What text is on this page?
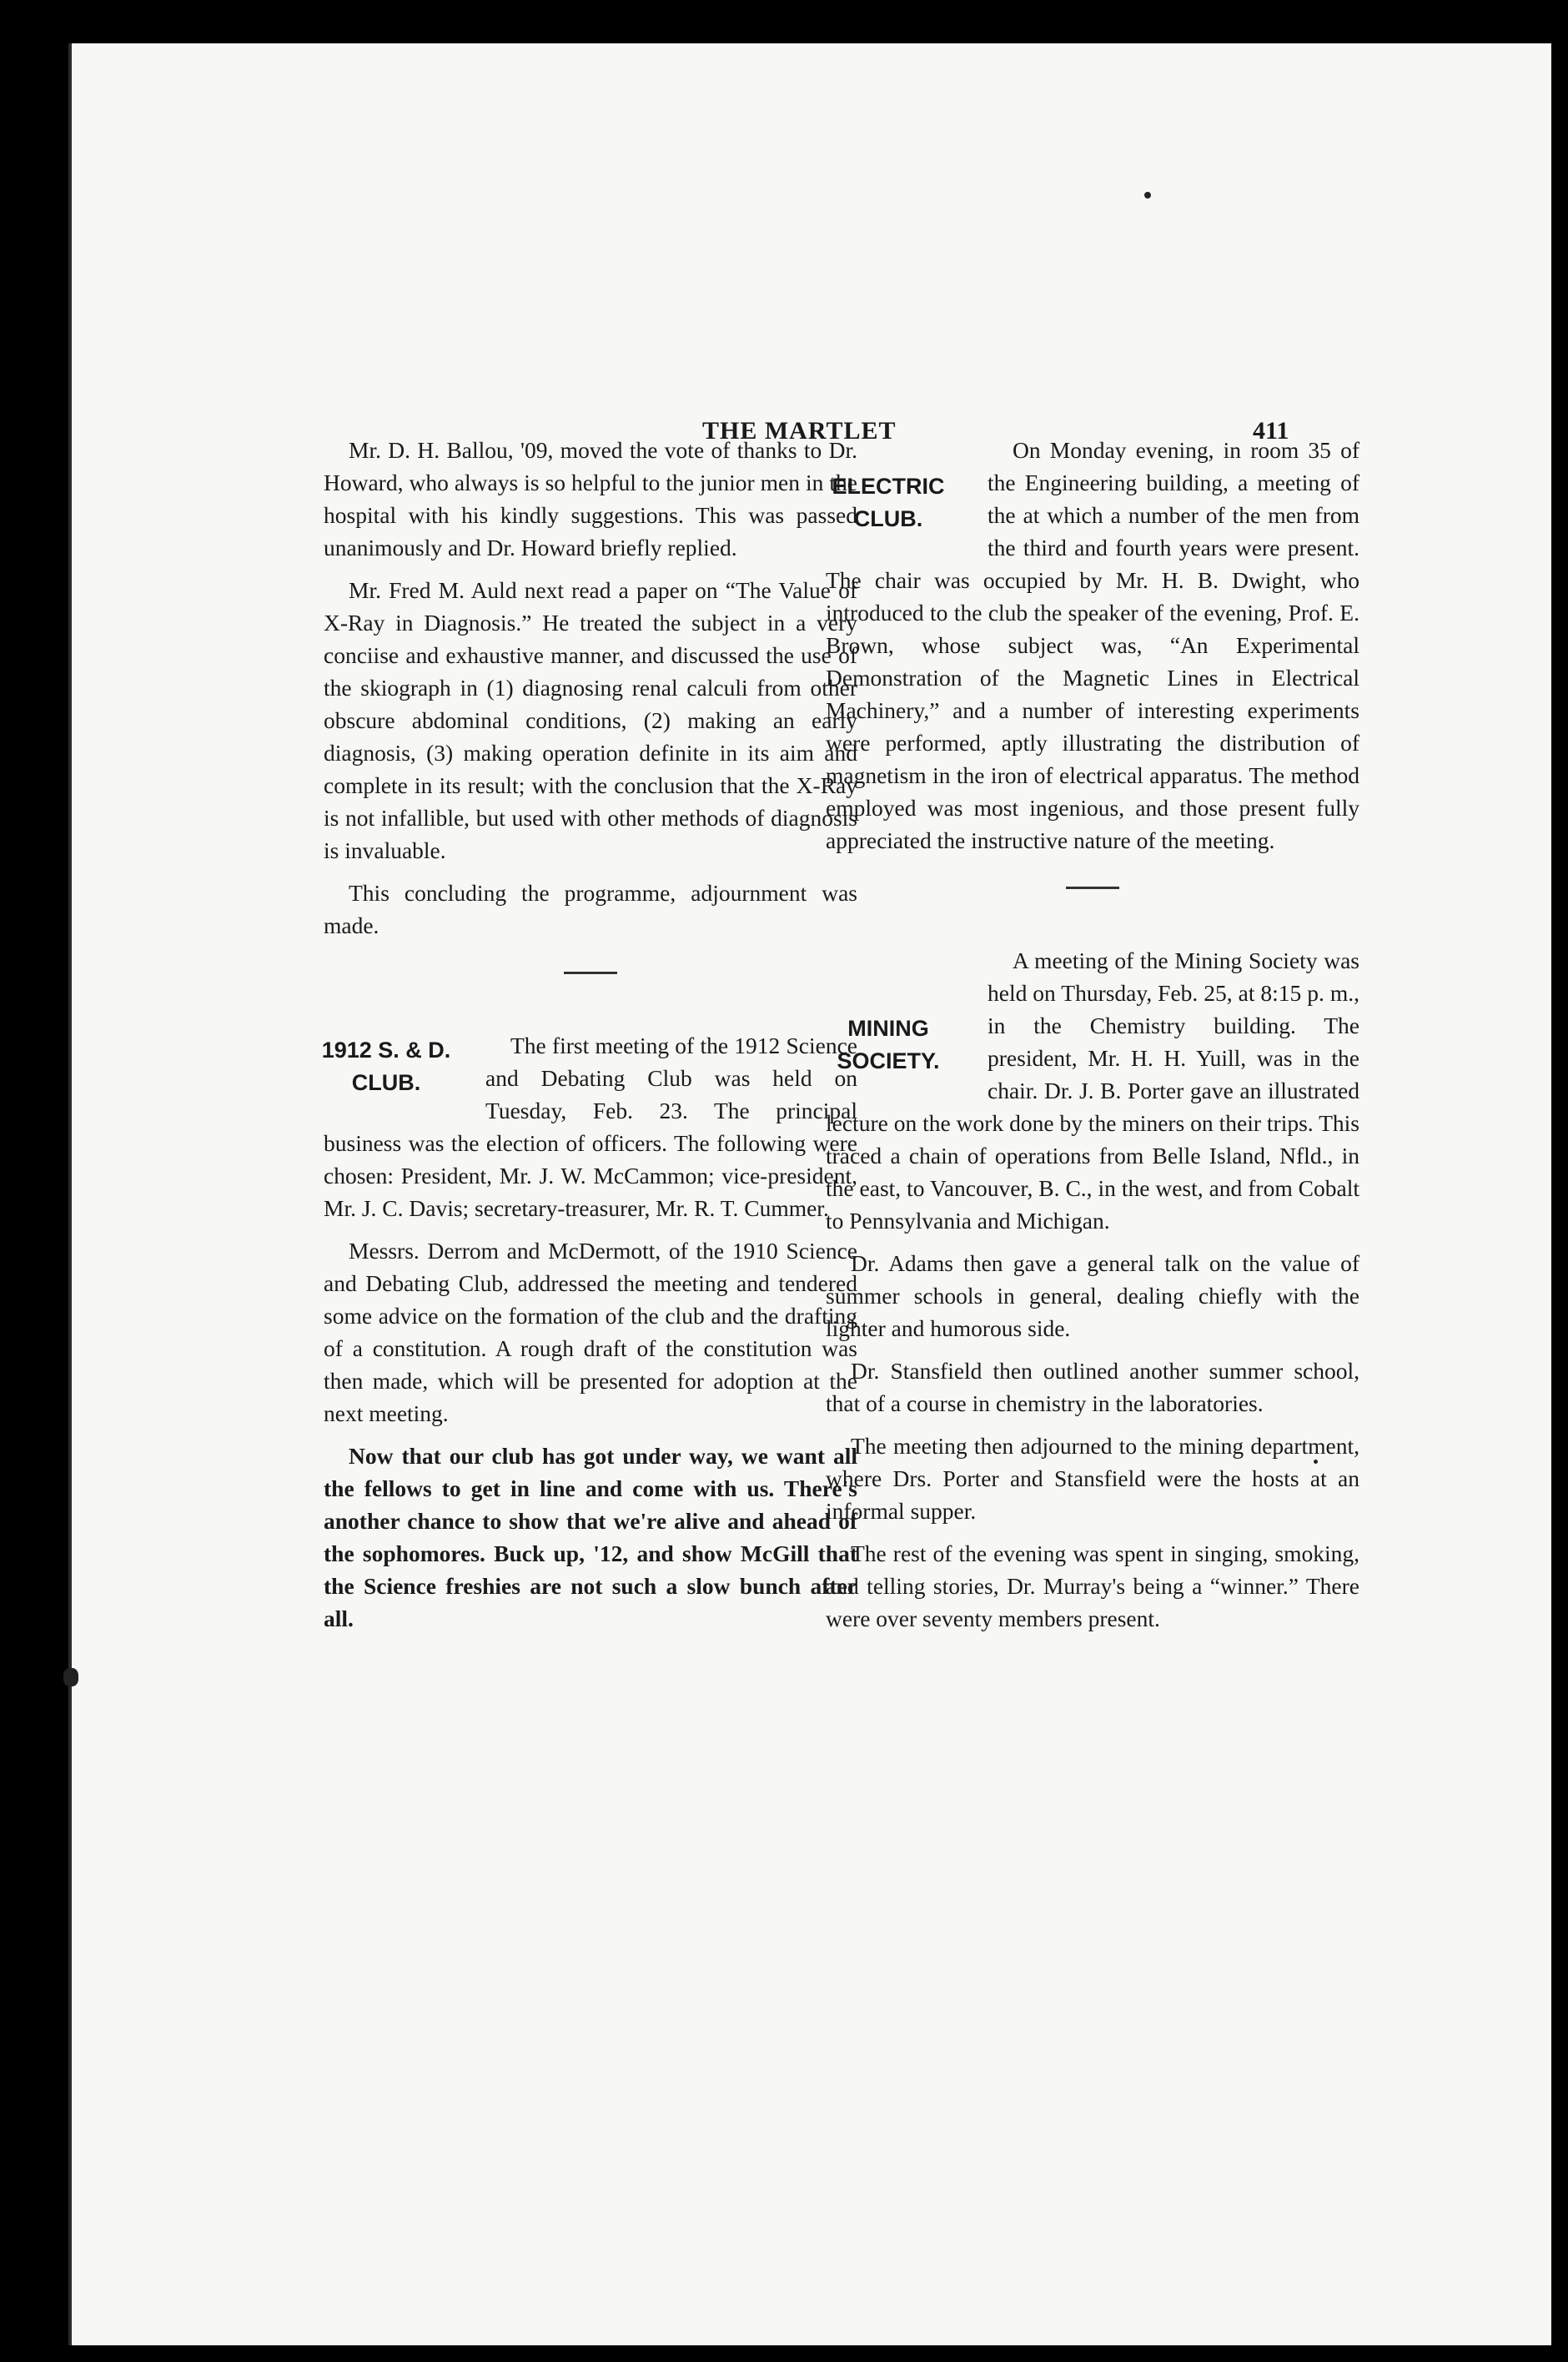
THE MARTLET	411

Mr. D. H. Ballou, '09, moved the vote of thanks to Dr. Howard, who always is so helpful to the junior men in the hospital with his kindly suggestions. This was passed unanimously and Dr. Howard briefly replied.

Mr. Fred M. Auld next read a paper on “The Value of X-Ray in Diagnosis.” He treated the subject in a very conciise and exhaustive manner, and discussed the use of the skiograph in (1) diagnosing renal calculi from other obscure abdominal conditions, (2) making an early diagnosis, (3) making operation definite in its aim and complete in its result; with the conclusion that the X-Ray is not infallible, but used with other methods of diagnosis is invaluable.

This concluding the programme, adjournment was made.

1912 S. & D.
CLUB.
The first meeting of the 1912 Science and Debating Club was held on Tuesday, Feb. 23. The principal business was the election of officers. The following were chosen: President, Mr. J. W. McCammon; vice-president, Mr. J. C. Davis; secretary-treasurer, Mr. R. T. Cummer.

Messrs. Derrom and McDermott, of the 1910 Science and Debating Club, addressed the meeting and tendered some advice on the formation of the club and the drafting of a constitution. A rough draft of the constitution was then made, which will be presented for adoption at the next meeting.

Now that our club has got under way, we want all the fellows to get in line and come with us. There's another chance to show that we're alive and ahead of the sophomores. Buck up, '12, and show McGill that the Science freshies are not such a slow bunch after all.

ELECTRIC
CLUB.
On Monday evening, in room 35 of the Engineering building, a meeting of the at which a number of the men from the third and fourth years were present. The chair was occupied by Mr. H. B. Dwight, who introduced to the club the speaker of the evening, Prof. E. Brown, whose subject was, “An Experimental Demonstration of the Magnetic Lines in Electrical Machinery,” and a number of interesting experiments were performed, aptly illustrating the distribution of magnetism in the iron of electrical apparatus. The method employed was most ingenious, and those present fully appreciated the instructive nature of the meeting.

MINING
SOCIETY.
A meeting of the Mining Society was held on Thursday, Feb. 25, at 8:15 p. m., in the Chemistry building. The president, Mr. H. H. Yuill, was in the chair. Dr. J. B. Porter gave an illustrated lecture on the work done by the miners on their trips. This traced a chain of operations from Belle Island, Nfld., in the east, to Vancouver, B. C., in the west, and from Cobalt to Pennsylvania and Michigan.

Dr. Adams then gave a general talk on the value of summer schools in general, dealing chiefly with the lighter and humorous side.

Dr. Stansfield then outlined another summer school, that of a course in chemistry in the laboratories.

The meeting then adjourned to the mining department, where Drs. Porter and Stansfield were the hosts at an informal supper.

The rest of the evening was spent in singing, smoking, and telling stories, Dr. Murray's being a “winner.” There were over seventy members present.
